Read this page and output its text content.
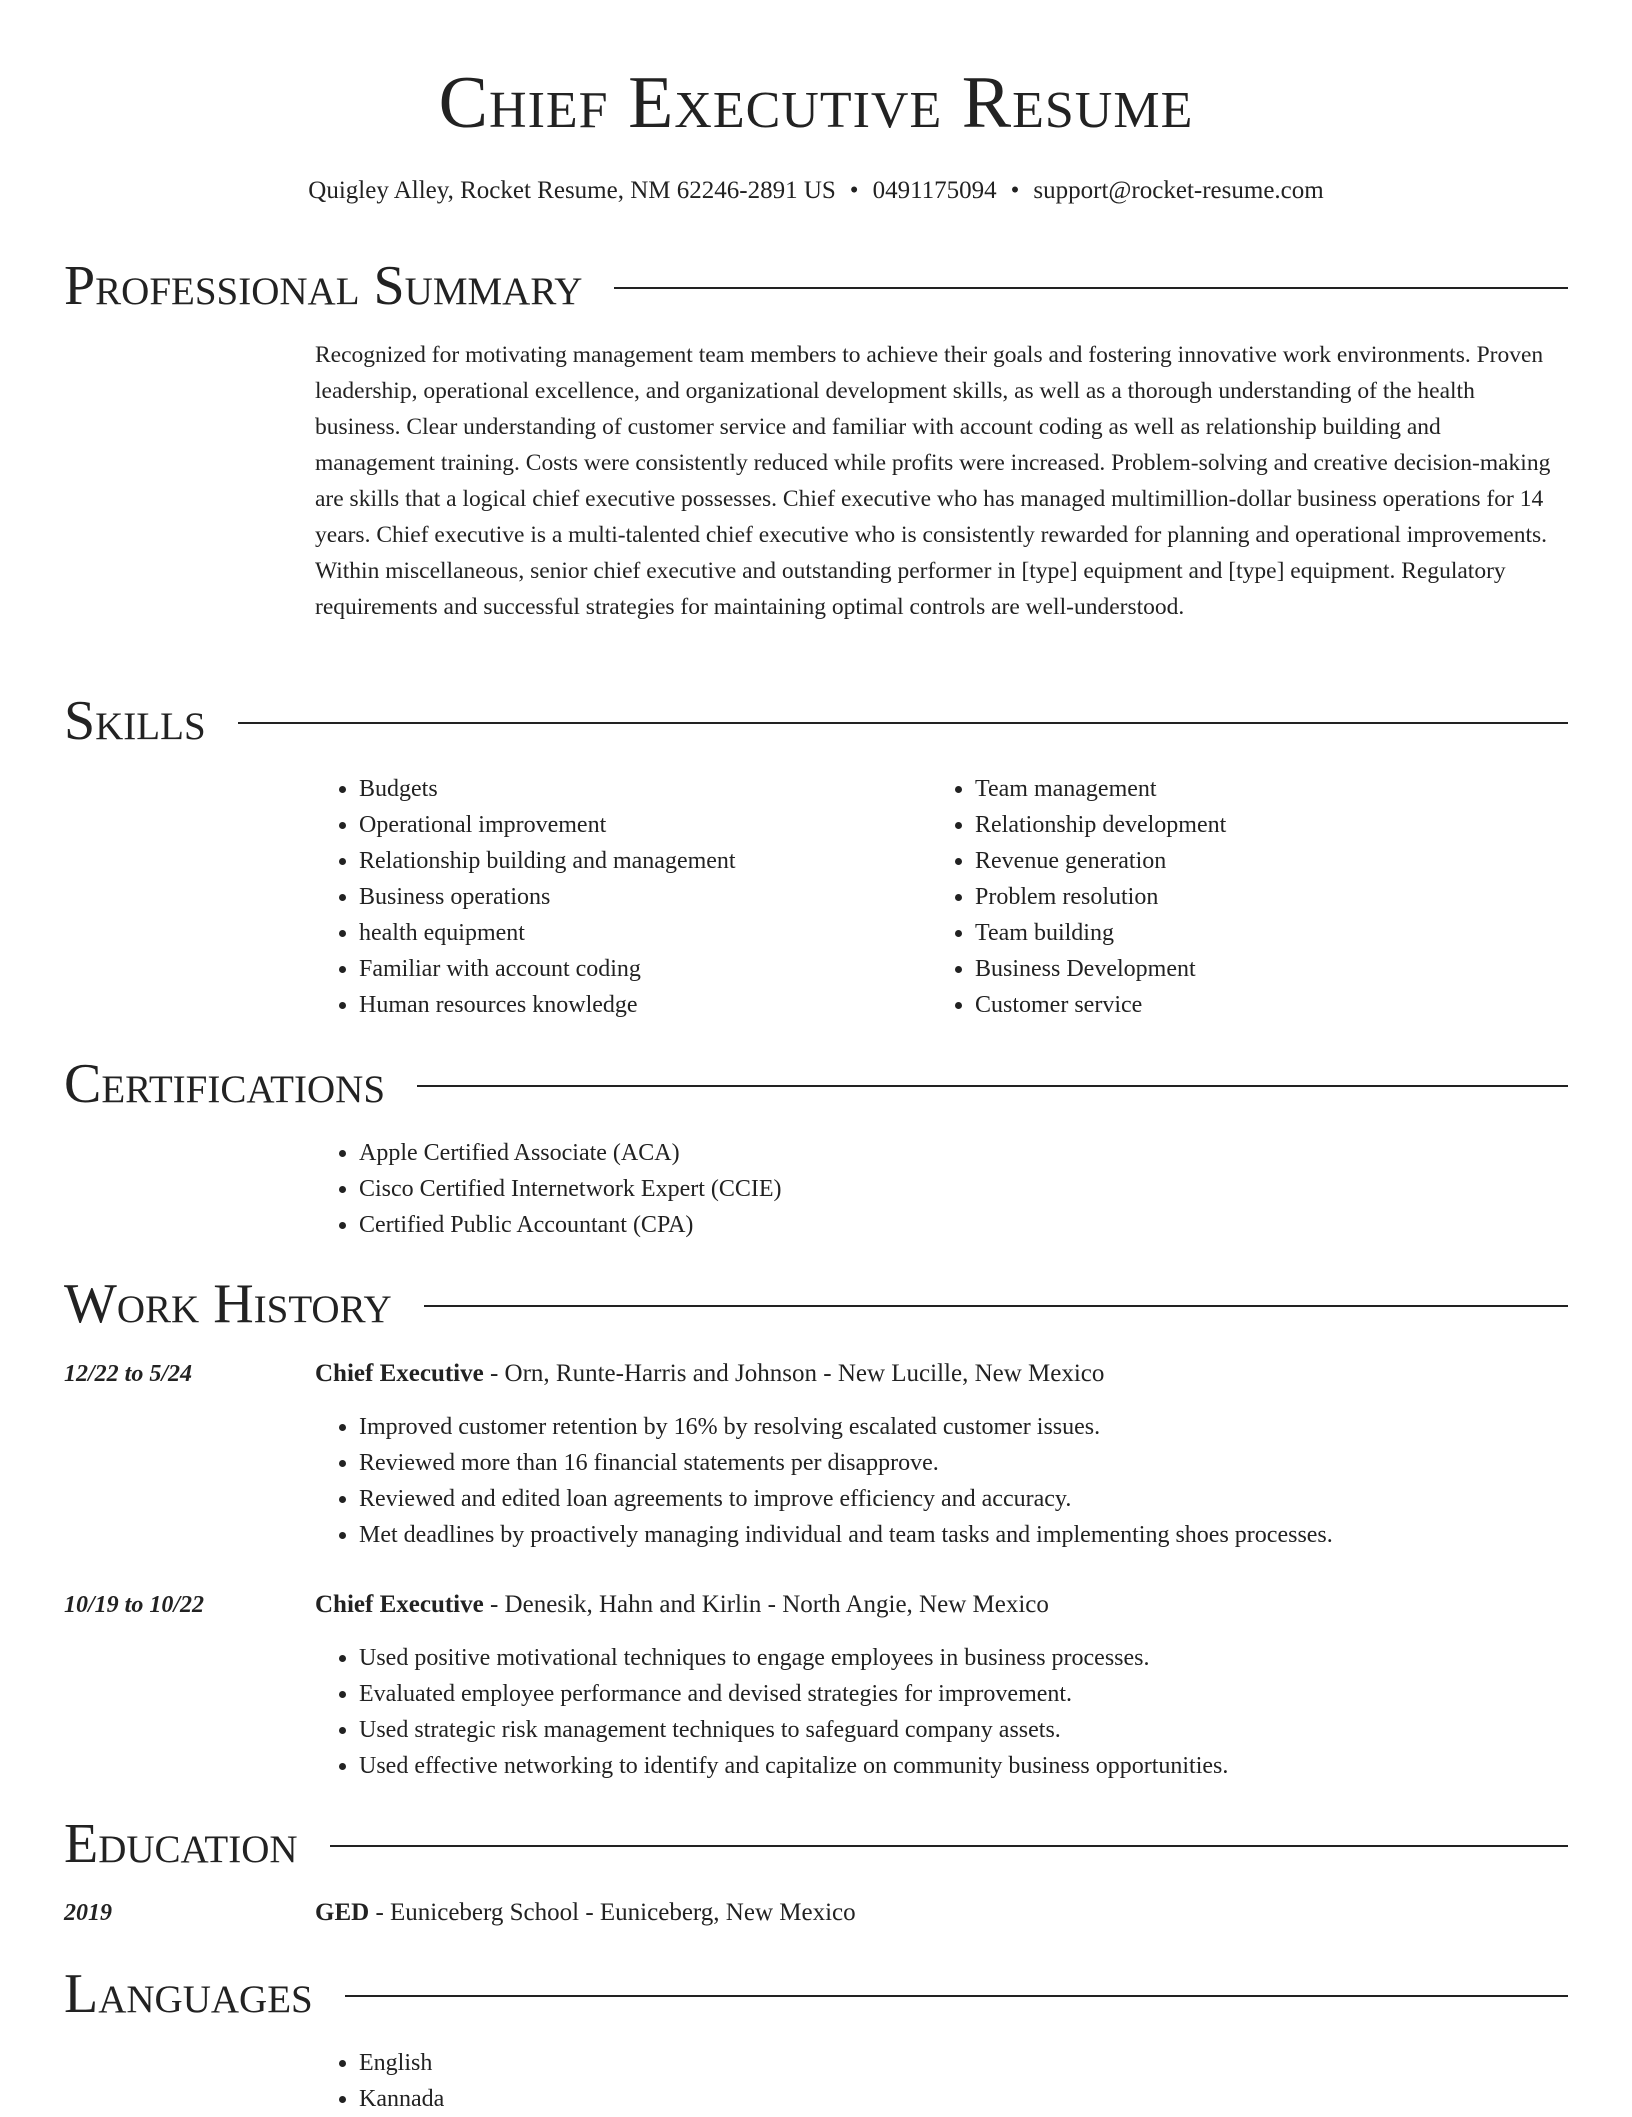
Chief Executive Resume
Quigley Alley, Rocket Resume, NM 62246-2891 US • 0491175094 • support@rocket-resume.com
Professional Summary
Recognized for motivating management team members to achieve their goals and fostering innovative work environments. Proven leadership, operational excellence, and organizational development skills, as well as a thorough understanding of the health business. Clear understanding of customer service and familiar with account coding as well as relationship building and management training. Costs were consistently reduced while profits were increased. Problem-solving and creative decision-making are skills that a logical chief executive possesses. Chief executive who has managed multimillion-dollar business operations for 14 years. Chief executive is a multi-talented chief executive who is consistently rewarded for planning and operational improvements. Within miscellaneous, senior chief executive and outstanding performer in [type] equipment and [type] equipment. Regulatory requirements and successful strategies for maintaining optimal controls are well-understood.
Skills
• Budgets
• Operational improvement
• Relationship building and management
• Business operations
• health equipment
• Familiar with account coding
• Human resources knowledge
• Team management
• Relationship development
• Revenue generation
• Problem resolution
• Team building
• Business Development
• Customer service
Certifications
• Apple Certified Associate (ACA)
• Cisco Certified Internetwork Expert (CCIE)
• Certified Public Accountant (CPA)
Work History
12/22 to 5/24	Chief Executive - Orn, Runte-Harris and Johnson - New Lucille, New Mexico
• Improved customer retention by 16% by resolving escalated customer issues.
• Reviewed more than 16 financial statements per disapprove.
• Reviewed and edited loan agreements to improve efficiency and accuracy.
• Met deadlines by proactively managing individual and team tasks and implementing shoes processes.
10/19 to 10/22	Chief Executive - Denesik, Hahn and Kirlin - North Angie, New Mexico
• Used positive motivational techniques to engage employees in business processes.
• Evaluated employee performance and devised strategies for improvement.
• Used strategic risk management techniques to safeguard company assets.
• Used effective networking to identify and capitalize on community business opportunities.
Education
2019	GED - Euniceberg School - Euniceberg, New Mexico
Languages
• English
• Kannada
